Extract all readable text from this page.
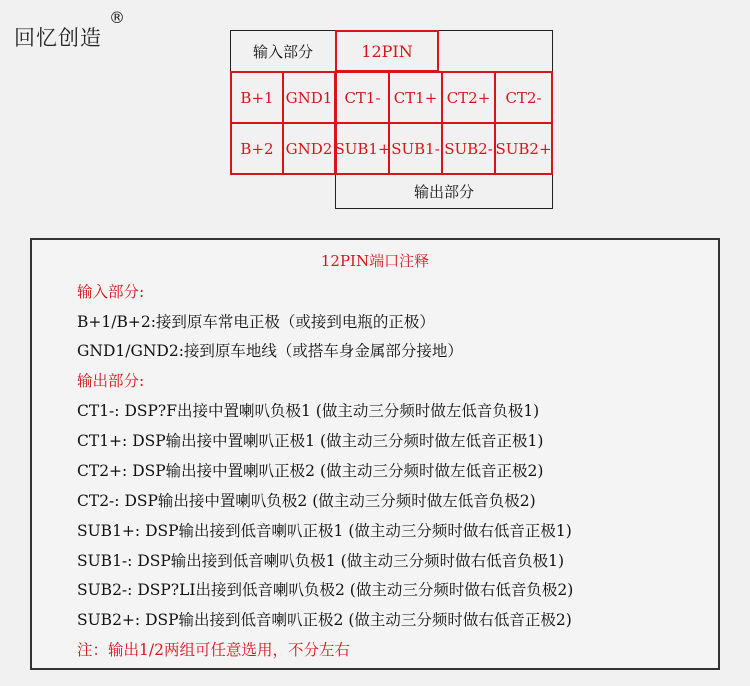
回忆创造
®
输入部分
输出部分
12PIN
B+1 GND1
B+2 GND2
CT1- CT1+ CT2+	CT2-
SUB1+ SUB1- SUB2- SUB2+
12PIN端口注释
输入部分:
B+1/B+2:接到原车常电正极（或接到电瓶的正极）
GND1/GND2:接到原车地线（或搭车身金属部分接地）
输出部分:
CT1-: DSP?F出接中置喇叭负极1 (做主动三分频时做左低音负极1)
CT1+: DSP输出接中置喇叭正极1 (做主动三分频时做左低音正极1)
CT2+: DSP输出接中置喇叭正极2 (做主动三分频时做左低音正极2)
CT2-: DSP输出接中置喇叭负极2 (做主动三分频时做左低音负极2)
SUB1+: DSP输出接到低音喇叭正极1 (做主动三分频时做右低音正极1)
SUB1-: DSP输出接到低音喇叭负极1 (做主动三分频时做右低音负极1)
SUB2-: DSP?LI出接到低音喇叭负极2 (做主动三分频时做右低音负极2)
SUB2+: DSP输出接到低音喇叭正极2 (做主动三分频时做右低音正极2)
注：输出1/2两组可任意选用，不分左右
